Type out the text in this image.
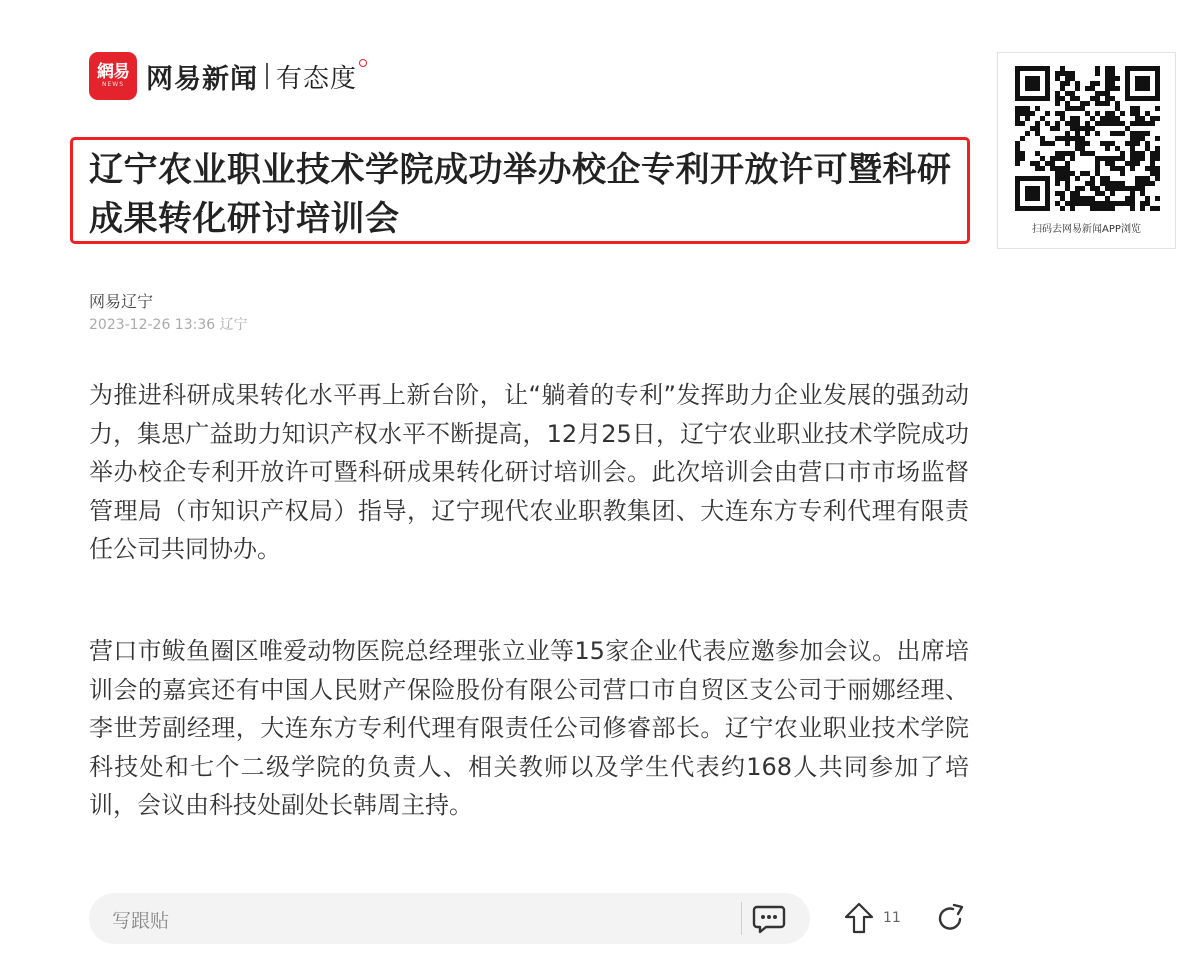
網易
NEWS 网易新闻 有态度
辽宁农业职业技术学院成功举办校企专利开放许可暨科研成果转化研讨培训会	扫码去网易新闻APP浏览
网易辽宁
2023-12-26 13:36 辽宁

为推进科研成果转化水平再上新台阶，让“躺着的专利”发挥助力企业发展的强劲动力，集思广益助力知识产权水平不断提高，12月25日，辽宁农业职业技术学院成功举办校企专利开放许可暨科研成果转化研讨培训会。此次培训会由营口市市场监督管理局（市知识产权局）指导，辽宁现代农业职教集团、大连东方专利代理有限责任公司共同协办。

营口市鲅鱼圈区唯爱动物医院总经理张立业等15家企业代表应邀参加会议。出席培训会的嘉宾还有中国人民财产保险股份有限公司营口市自贸区支公司于丽娜经理、李世芳副经理，大连东方专利代理有限责任公司修睿部长。辽宁农业职业技术学院科技处和七个二级学院的负责人、相关教师以及学生代表约168人共同参加了培训，会议由科技处副处长韩周主持。

写跟贴	11
